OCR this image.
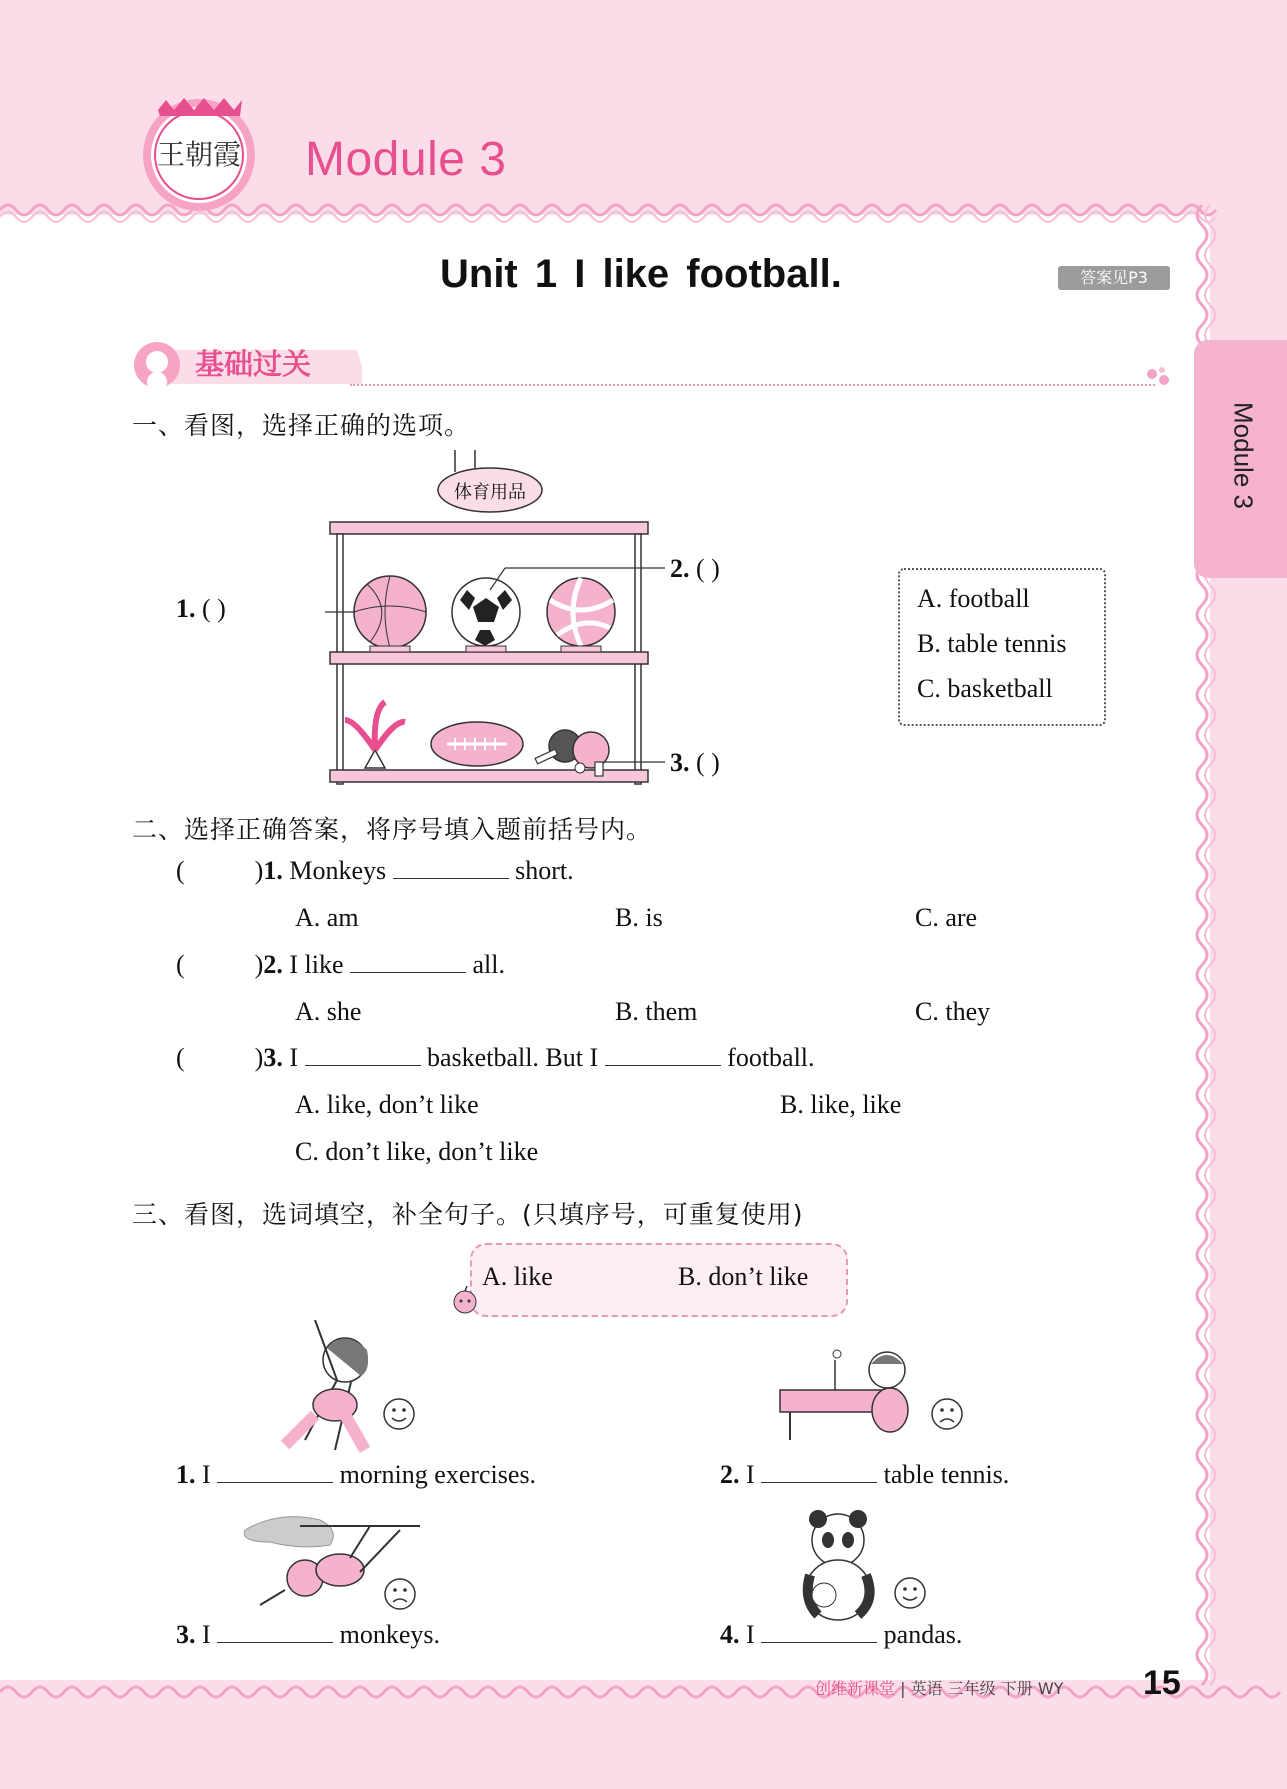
王朝霞 Module 3
Unit 1 I like football.	答案见P3
Module 3
基础过关
一、看图，选择正确的选项。
体育用品
1. ( )
2. ( )
3. ( )
A. football
B. table tennis
C. basketball
二、选择正确答案，将序号填入题前括号内。
(	)1. Monkeys	short.
A. am	B. is	C. are
(	)2. I like	all.
A. she	B. them	C. they
(	)3. I	basketball. But I	football.
A. like, don’t like	B. like, like
C. don’t like, don’t like
三、看图，选词填空，补全句子。(只填序号，可重复使用)
A. like	B. don’t like
1. I	morning exercises.	2. I	table tennis.
3. I	monkeys.	4. I	pandas.
创维新课堂 | 英语 三年级 下册 WY 15
